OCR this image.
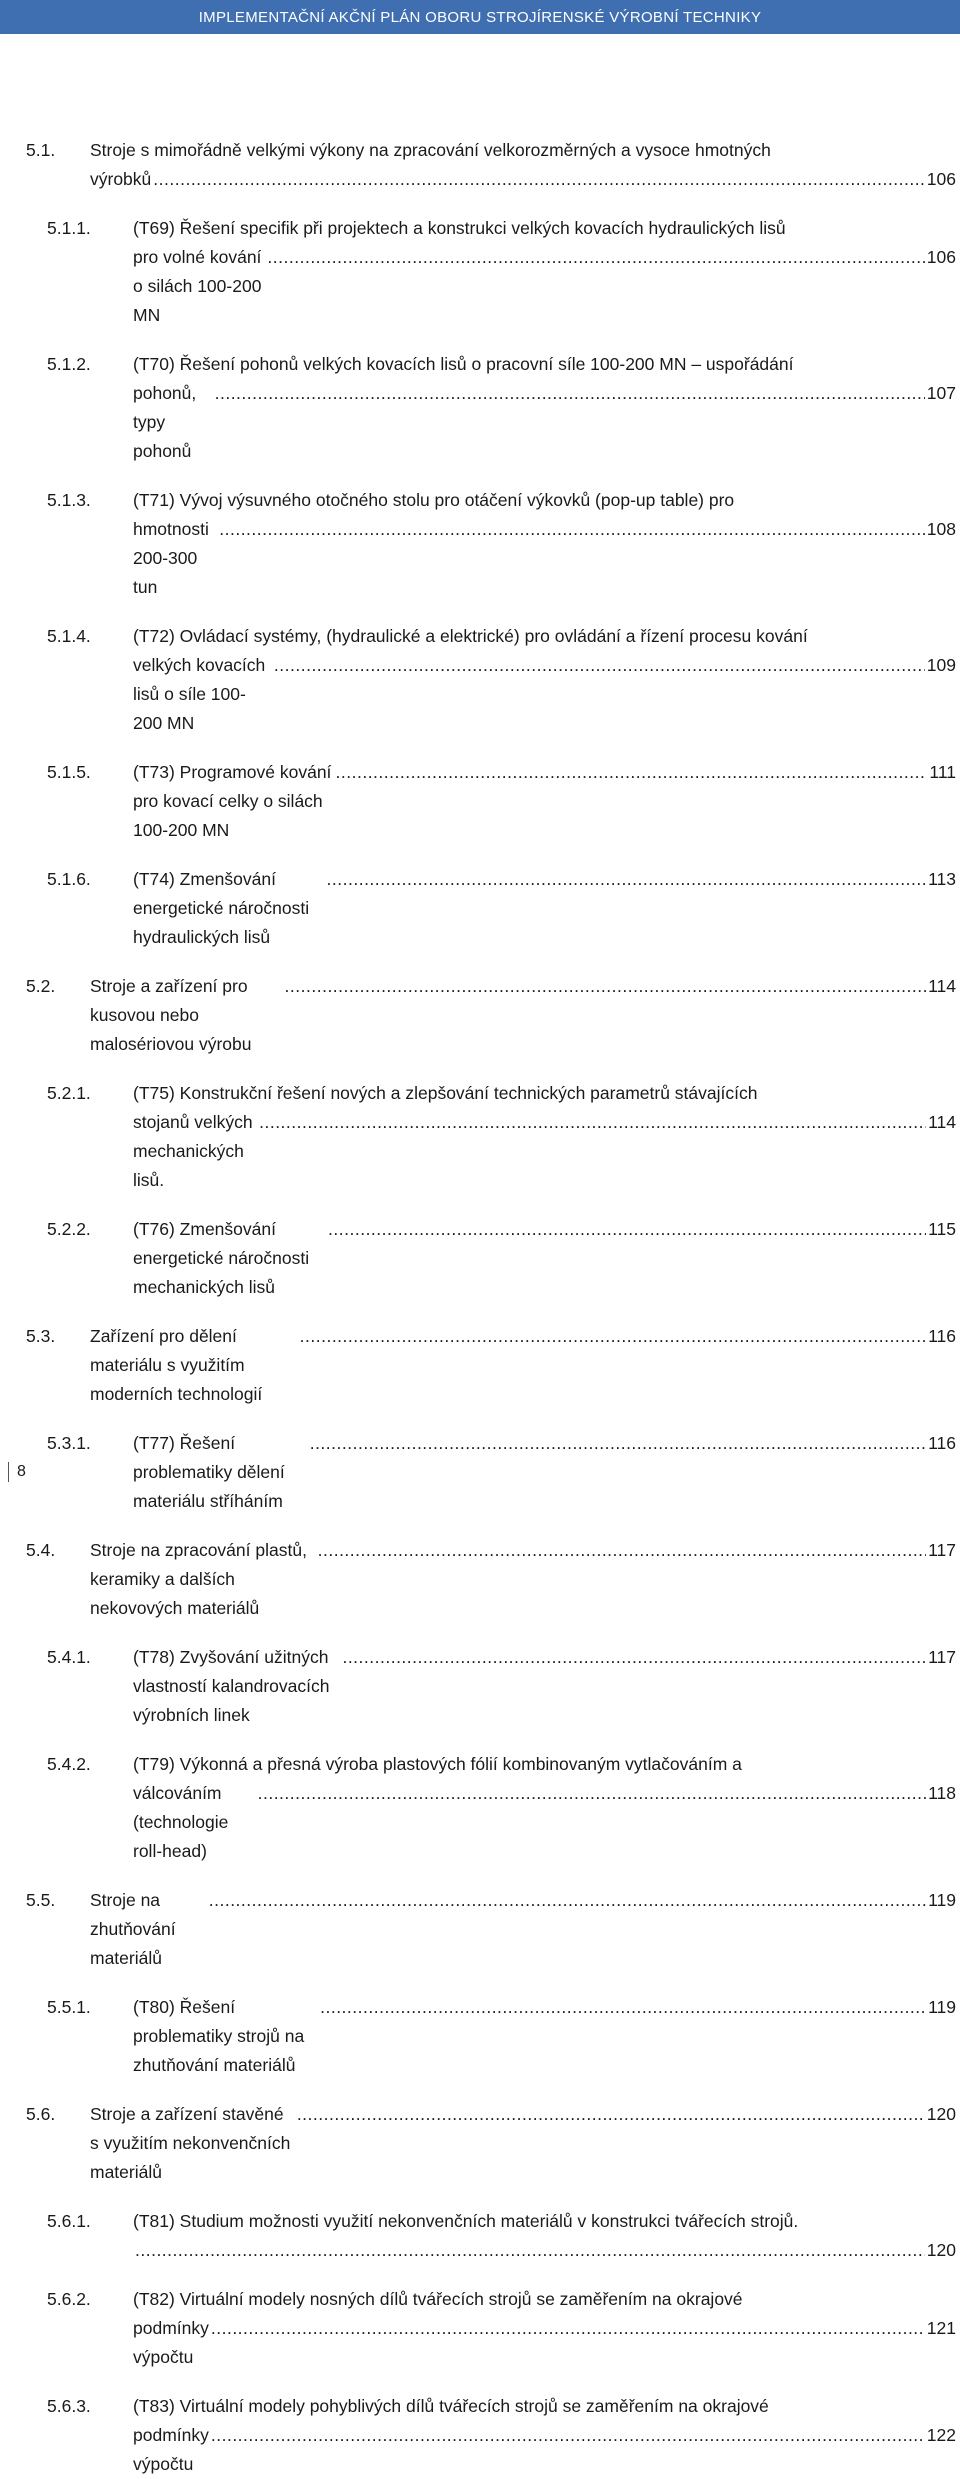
IMPLEMENTAČNÍ AKČNÍ PLÁN OBORU STROJÍRENSKÉ VÝROBNÍ TECHNIKY
5.1.	Stroje s mimořádně velkými výkony na zpracování velkorozměrných a vysoce hmotných
výrobků
.....	106
5.1.1.	(T69) Řešení specifik při projektech a konstrukci velkých kovacích hydraulických lisů
pro volné kování o silách 100-200 MN
.....
106
5.1.2.	(T70) Řešení pohonů velkých kovacích lisů o pracovní síle 100-200 MN – uspořádání
pohonů, typy pohonů
.....
107
5.1.3.	(T71) Vývoj výsuvného otočného stolu pro otáčení výkovků (pop-up table) pro
hmotnosti 200-300 tun
.....
108
5.1.4.	(T72) Ovládací systémy, (hydraulické a elektrické) pro ovládání a řízení procesu kování
velkých kovacích lisů o síle 100-200 MN
.....
109
5.1.5.	(T73) Programové kování pro kovací celky o silách 100-200 MN
.....
111
5.1.6.	(T74) Zmenšování energetické náročnosti hydraulických lisů
.....
113
5.2.	Stroje a zařízení pro kusovou nebo malosériovou výrobu
.....
114
5.2.1.	(T75) Konstrukční řešení nových a zlepšování technických parametrů stávajících
stojanů velkých mechanických lisů.
.....
114
5.2.2.	(T76) Zmenšování energetické náročnosti mechanických lisů
.....
115
5.3.	Zařízení pro dělení materiálu s využitím moderních technologií
.....
116
5.3.1.	(T77) Řešení problematiky dělení materiálu stříháním
.....
116
5.4.	Stroje na zpracování plastů, keramiky a dalších nekovových materiálů
.....
117
5.4.1.	(T78) Zvyšování užitných vlastností kalandrovacích výrobních linek
.....
117
5.4.2.	(T79) Výkonná a přesná výroba plastových fólií kombinovaným vytlačováním a
válcováním (technologie roll-head)
.....
118
5.5.	Stroje na zhutňování materiálů
.....
119
5.5.1.	(T80) Řešení problematiky strojů na zhutňování materiálů
.....
119
5.6.	Stroje a zařízení stavěné s využitím nekonvenčních materiálů
.....
120
5.6.1.	(T81) Studium možnosti využití nekonvenčních materiálů v konstrukci tvářecích strojů.
.....
120
5.6.2.	(T82) Virtuální modely nosných dílů tvářecích strojů se zaměřením na okrajové
podmínky výpočtu
.....
121
5.6.3.	(T83) Virtuální modely pohyblivých dílů tvářecích strojů se zaměřením na okrajové
podmínky výpočtu
.....
122
8
